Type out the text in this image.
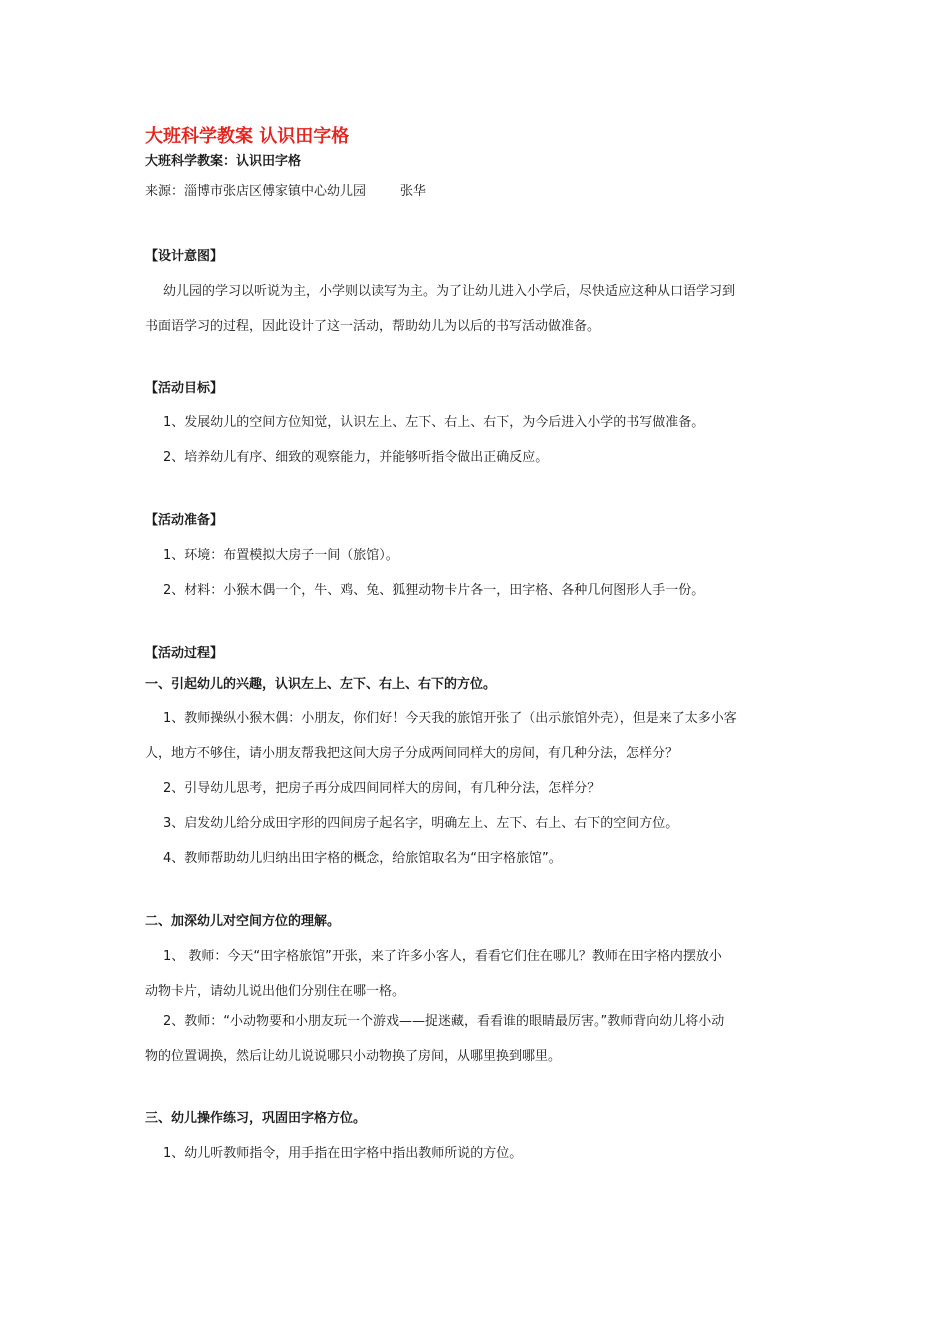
大班科学教案 认识田字格
大班科学教案：认识田字格
来源：淄博市张店区傅家镇中心幼儿园	张华
【设计意图】
幼儿园的学习以听说为主，小学则以读写为主。为了让幼儿进入小学后，尽快适应这种从口语学习到
书面语学习的过程，因此设计了这一活动，帮助幼儿为以后的书写活动做准备。
【活动目标】
1、发展幼儿的空间方位知觉，认识左上、左下、右上、右下，为今后进入小学的书写做准备。
2、培养幼儿有序、细致的观察能力，并能够听指令做出正确反应。
【活动准备】
1、环境：布置模拟大房子一间（旅馆）。
2、材料：小猴木偶一个，牛、鸡、兔、狐狸动物卡片各一，田字格、各种几何图形人手一份。
【活动过程】
一、引起幼儿的兴趣，认识左上、左下、右上、右下的方位。
1、教师操纵小猴木偶：小朋友，你们好！今天我的旅馆开张了（出示旅馆外壳），但是来了太多小客
人，地方不够住，请小朋友帮我把这间大房子分成两间同样大的房间，有几种分法，怎样分？
2、引导幼儿思考，把房子再分成四间同样大的房间，有几种分法，怎样分？
3、启发幼儿给分成田字形的四间房子起名字，明确左上、左下、右上、右下的空间方位。
4、教师帮助幼儿归纳出田字格的概念，给旅馆取名为“田字格旅馆”。
二、加深幼儿对空间方位的理解。
1、 教师：今天“田字格旅馆”开张，来了许多小客人，看看它们住在哪儿？教师在田字格内摆放小
动物卡片，请幼儿说出他们分别住在哪一格。
2、教师：“小动物要和小朋友玩一个游戏——捉迷藏，看看谁的眼睛最厉害。”教师背向幼儿将小动
物的位置调换，然后让幼儿说说哪只小动物换了房间，从哪里换到哪里。
三、幼儿操作练习，巩固田字格方位。
1、幼儿听教师指令，用手指在田字格中指出教师所说的方位。
